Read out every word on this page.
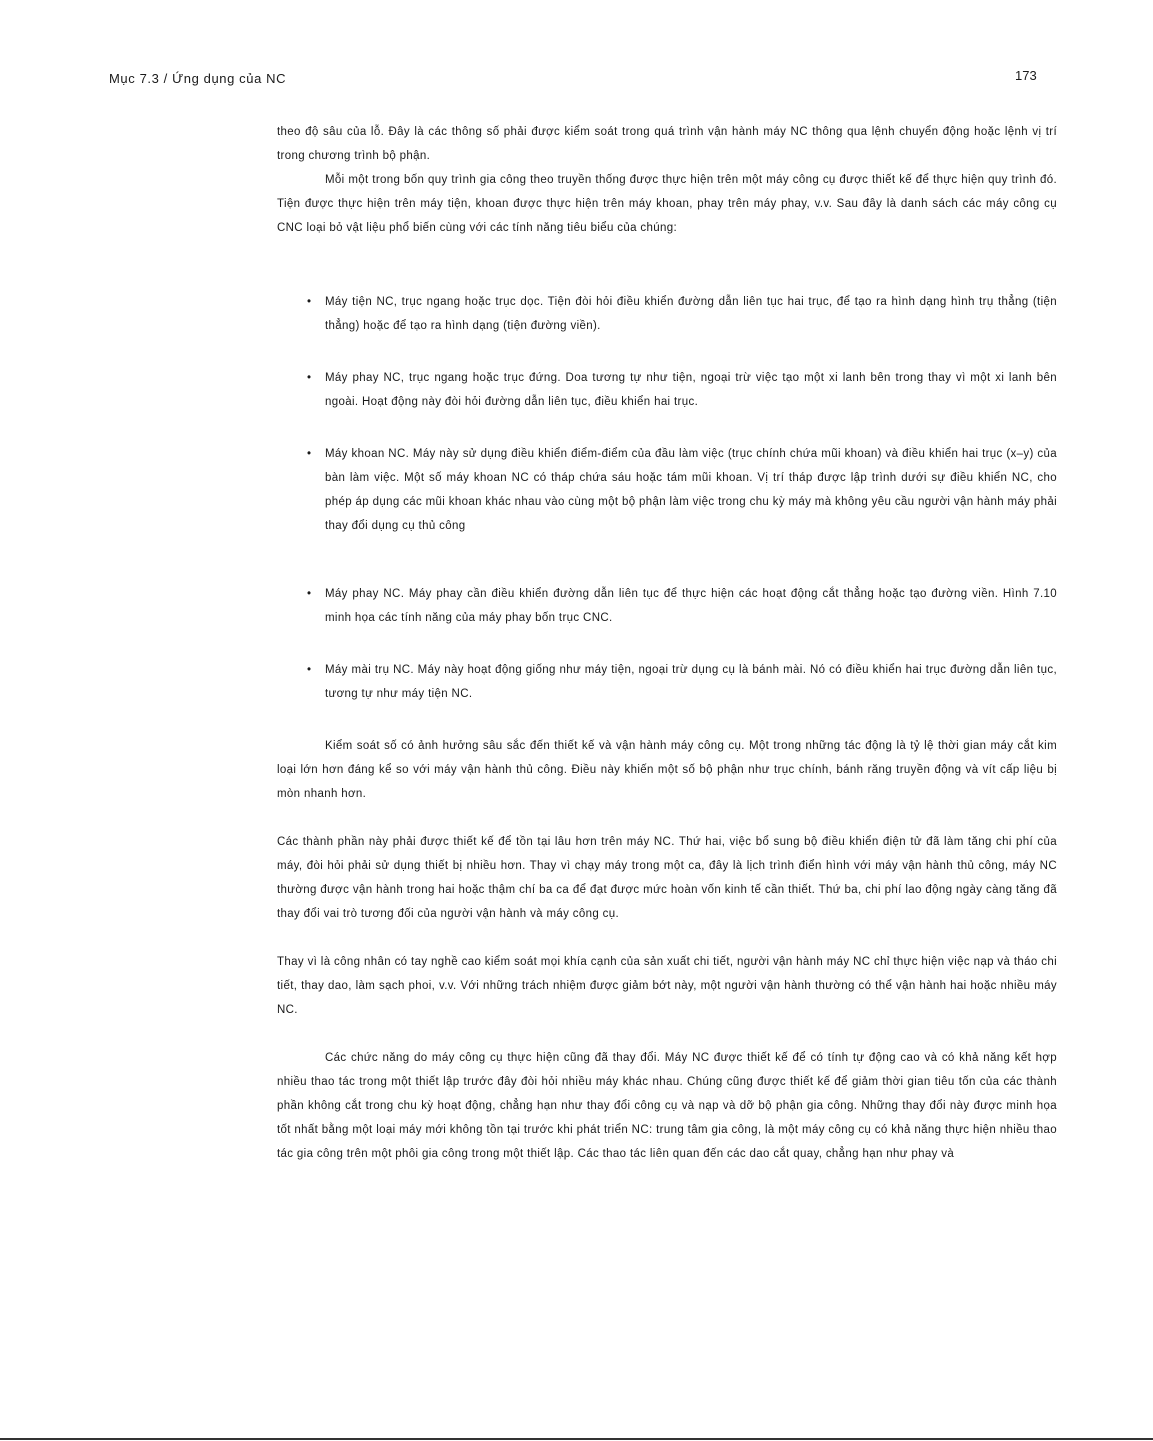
Mục 7.3 / Ứng dụng của NC	173

theo độ sâu của lỗ. Đây là các thông số phải được kiểm soát trong quá trình vận hành máy NC thông qua lệnh chuyển động hoặc lệnh vị trí trong chương trình bộ phận.

Mỗi một trong bốn quy trình gia công theo truyền thống được thực hiện trên một máy công cụ được thiết kế để thực hiện quy trình đó. Tiện được thực hiện trên máy tiện, khoan được thực hiện trên máy khoan, phay trên máy phay, v.v. Sau đây là danh sách các máy công cụ CNC loại bỏ vật liệu phổ biến cùng với các tính năng tiêu biểu của chúng:

• Máy tiện NC, trục ngang hoặc trục dọc. Tiện đòi hỏi điều khiển đường dẫn liên tục hai trục, để tạo ra hình dạng hình trụ thẳng (tiện thẳng) hoặc để tạo ra hình dạng (tiện đường viền).
• Máy phay NC, trục ngang hoặc trục đứng. Doa tương tự như tiện, ngoại trừ việc tạo một xi lanh bên trong thay vì một xi lanh bên ngoài. Hoạt động này đòi hỏi đường dẫn liên tục, điều khiển hai trục.
• Máy khoan NC. Máy này sử dụng điều khiển điểm-điểm của đầu làm việc (trục chính chứa mũi khoan) và điều khiển hai trục (x–y) của bàn làm việc. Một số máy khoan NC có tháp chứa sáu hoặc tám mũi khoan. Vị trí tháp được lập trình dưới sự điều khiển NC, cho phép áp dụng các mũi khoan khác nhau vào cùng một bộ phận làm việc trong chu kỳ máy mà không yêu cầu người vận hành máy phải thay đổi dụng cụ thủ công
• Máy phay NC. Máy phay cần điều khiển đường dẫn liên tục để thực hiện các hoạt động cắt thẳng hoặc tạo đường viền. Hình 7.10 minh họa các tính năng của máy phay bốn trục CNC.
• Máy mài trụ NC. Máy này hoạt động giống như máy tiện, ngoại trừ dụng cụ là bánh mài. Nó có điều khiển hai trục đường dẫn liên tục, tương tự như máy tiện NC.

Kiểm soát số có ảnh hưởng sâu sắc đến thiết kế và vận hành máy công cụ. Một trong những tác động là tỷ lệ thời gian máy cắt kim loại lớn hơn đáng kể so với máy vận hành thủ công. Điều này khiến một số bộ phận như trục chính, bánh răng truyền động và vít cấp liệu bị mòn nhanh hơn.

Các thành phần này phải được thiết kế để tồn tại lâu hơn trên máy NC. Thứ hai, việc bổ sung bộ điều khiển điện tử đã làm tăng chi phí của máy, đòi hỏi phải sử dụng thiết bị nhiều hơn. Thay vì chạy máy trong một ca, đây là lịch trình điển hình với máy vận hành thủ công, máy NC thường được vận hành trong hai hoặc thậm chí ba ca để đạt được mức hoàn vốn kinh tế cần thiết. Thứ ba, chi phí lao động ngày càng tăng đã thay đổi vai trò tương đối của người vận hành và máy công cụ.

Thay vì là công nhân có tay nghề cao kiểm soát mọi khía cạnh của sản xuất chi tiết, người vận hành máy NC chỉ thực hiện việc nạp và tháo chi tiết, thay dao, làm sạch phoi, v.v. Với những trách nhiệm được giảm bớt này, một người vận hành thường có thể vận hành hai hoặc nhiều máy NC.

Các chức năng do máy công cụ thực hiện cũng đã thay đổi. Máy NC được thiết kế để có tính tự động cao và có khả năng kết hợp nhiều thao tác trong một thiết lập trước đây đòi hỏi nhiều máy khác nhau. Chúng cũng được thiết kế để giảm thời gian tiêu tốn của các thành phần không cắt trong chu kỳ hoạt động, chẳng hạn như thay đổi công cụ và nạp và dỡ bộ phận gia công. Những thay đổi này được minh họa tốt nhất bằng một loại máy mới không tồn tại trước khi phát triển NC: trung tâm gia công, là một máy công cụ có khả năng thực hiện nhiều thao tác gia công trên một phôi gia công trong một thiết lập. Các thao tác liên quan đến các dao cắt quay, chẳng hạn như phay và
